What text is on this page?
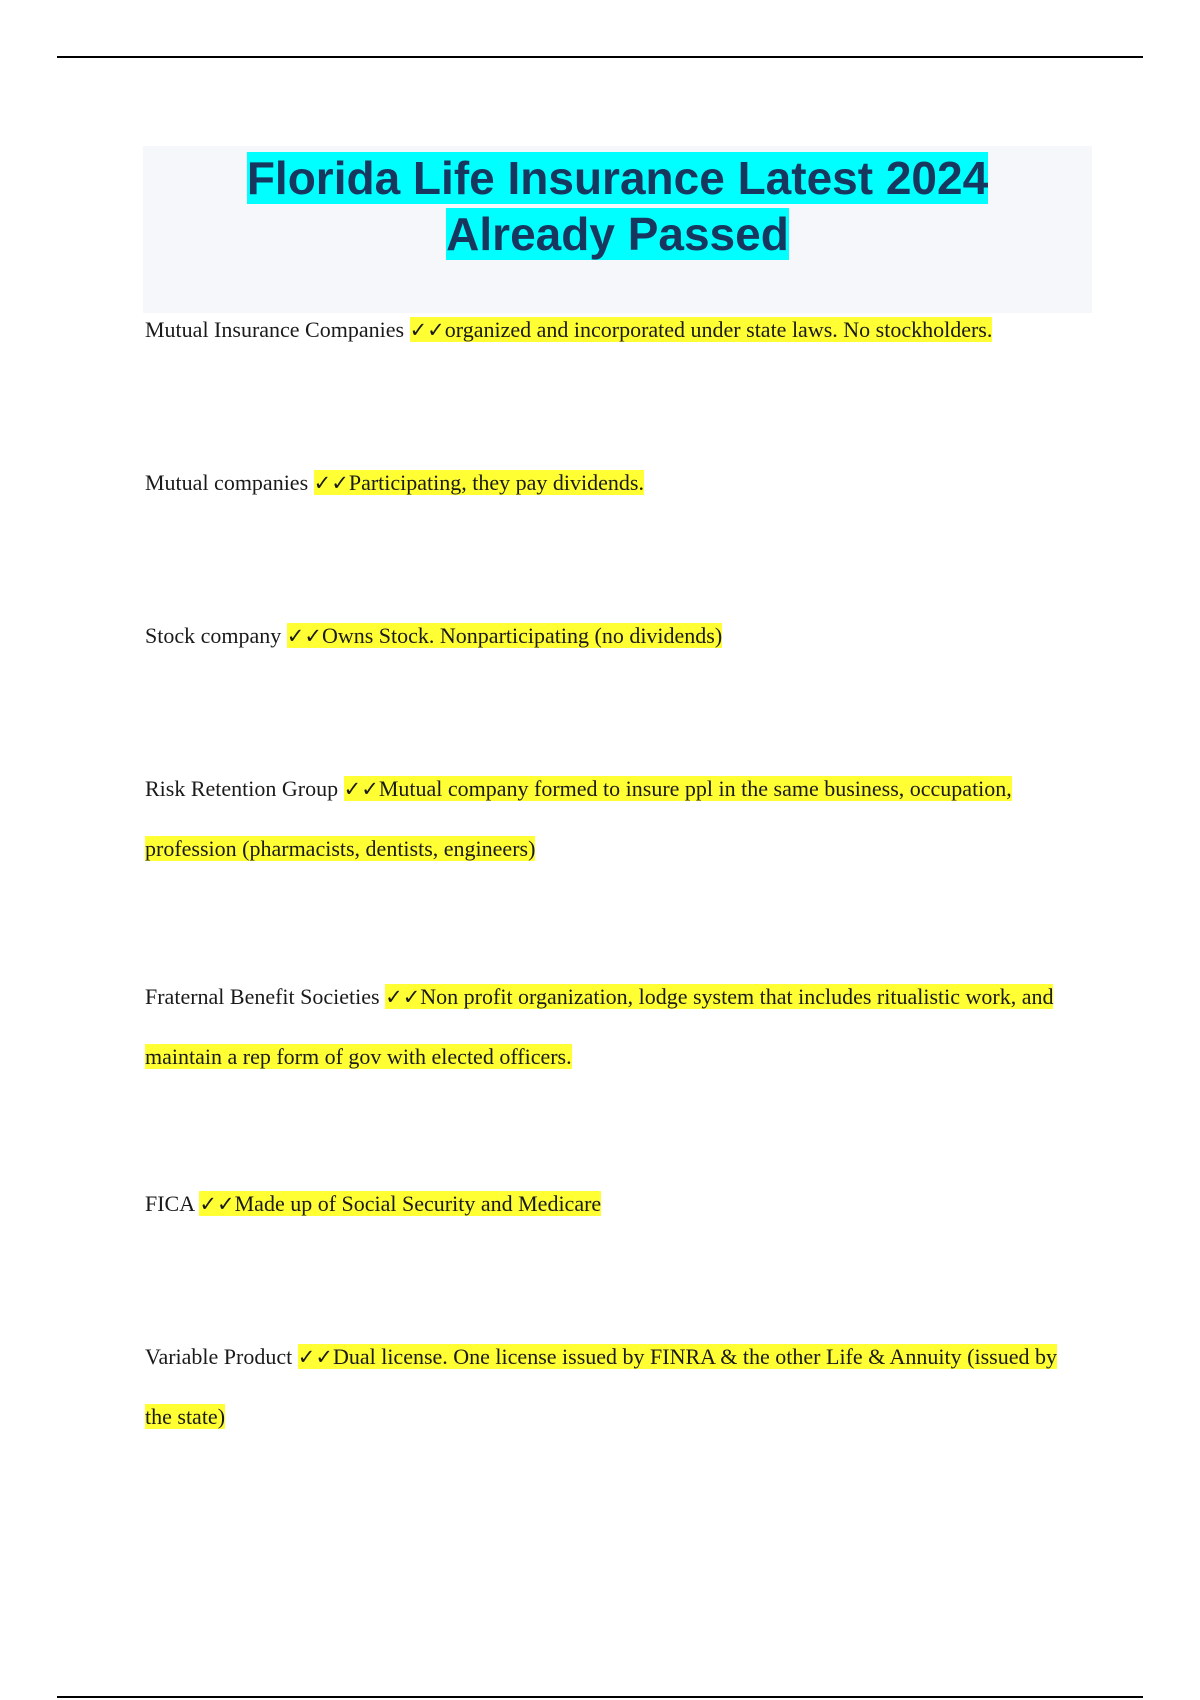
Florida Life Insurance Latest 2024
Already Passed
Mutual Insurance Companies ✓✓organized and incorporated under state laws. No stockholders.
Mutual companies ✓✓Participating, they pay dividends.
Stock company ✓✓Owns Stock. Nonparticipating (no dividends)
Risk Retention Group ✓✓Mutual company formed to insure ppl in the same business, occupation, profession (pharmacists, dentists, engineers)
Fraternal Benefit Societies ✓✓Non profit organization, lodge system that includes ritualistic work, and maintain a rep form of gov with elected officers.
FICA ✓✓Made up of Social Security and Medicare
Variable Product ✓✓Dual license. One license issued by FINRA & the other Life & Annuity (issued by the state)
